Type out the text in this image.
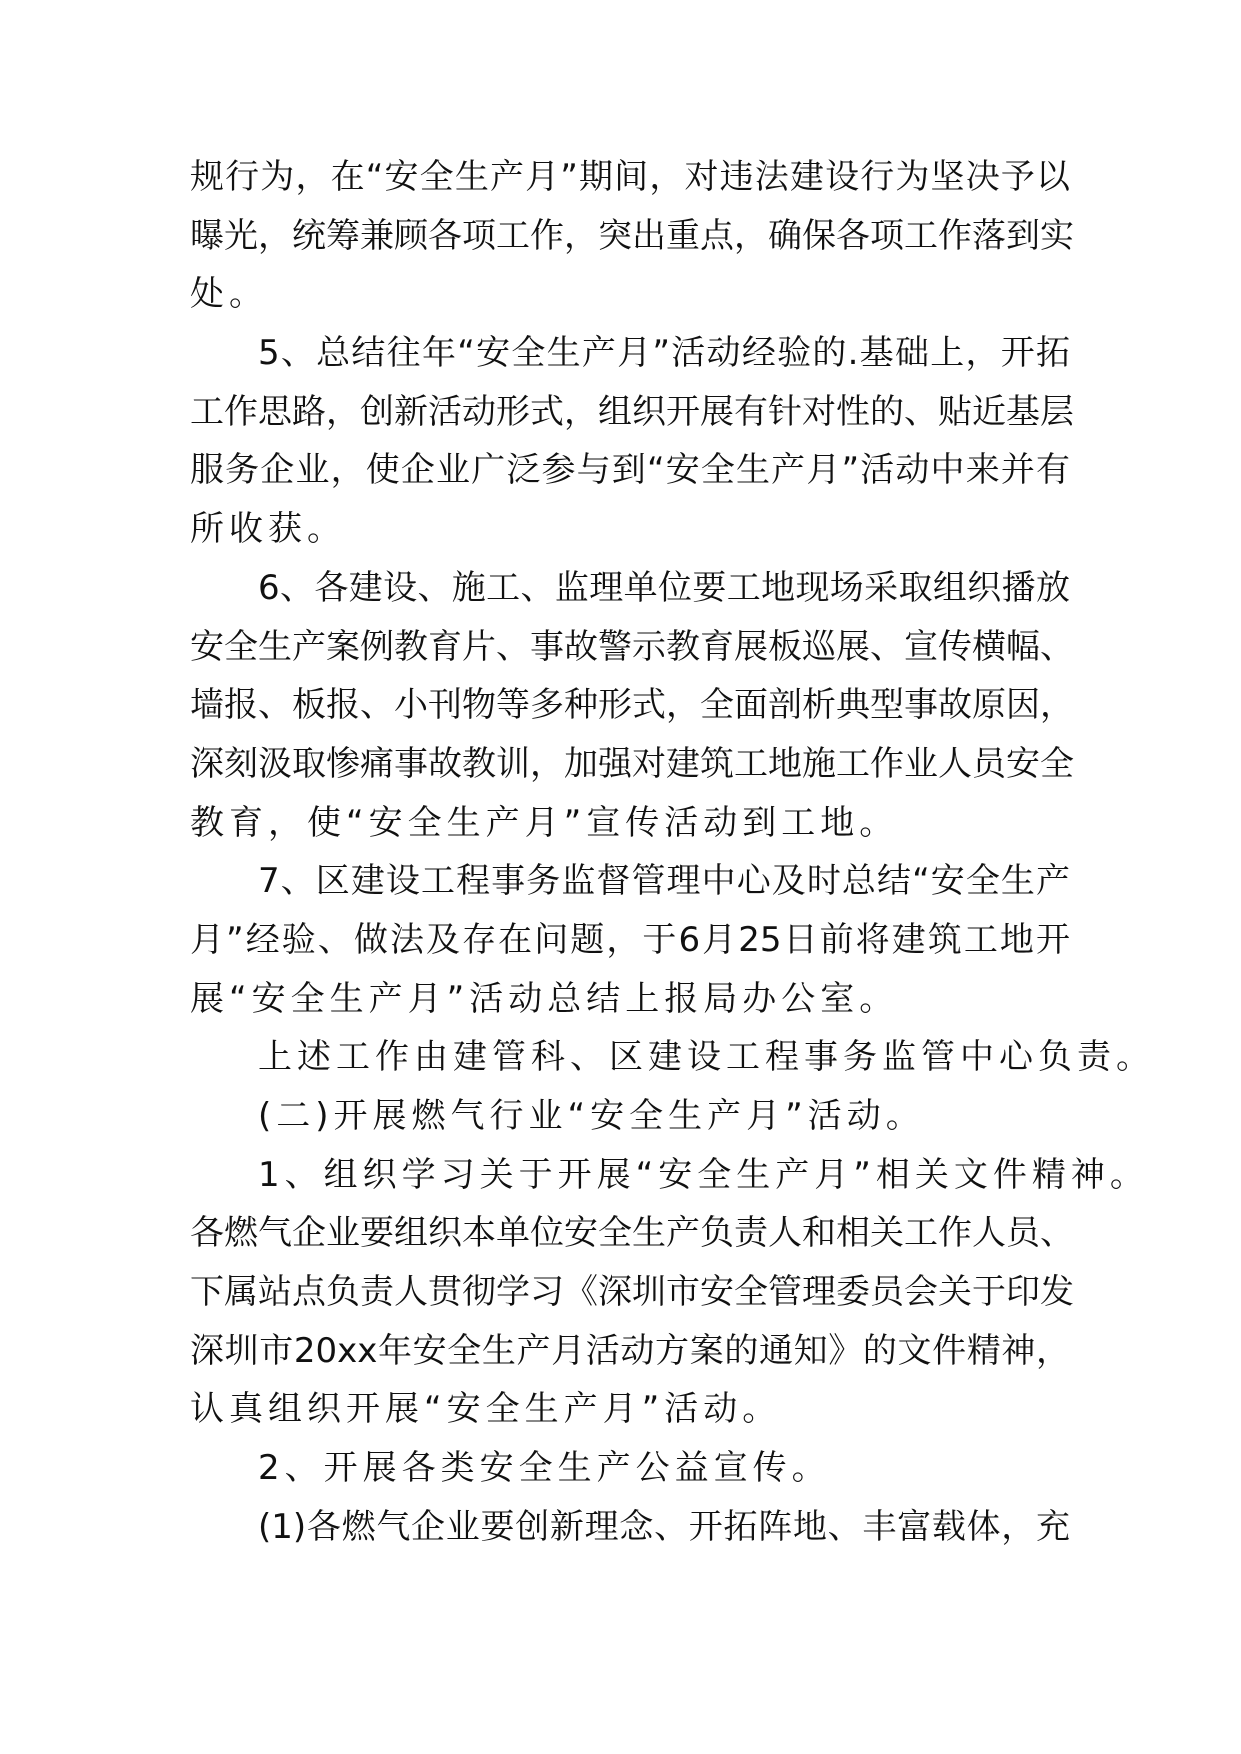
规行为，在“安全生产月”期间，对违法建设行为坚决予以
曝光，统筹兼顾各项工作，突出重点，确保各项工作落到实
处。
5、总结往年“安全生产月”活动经验的.基础上，开拓
工作思路，创新活动形式，组织开展有针对性的、贴近基层
服务企业，使企业广泛参与到“安全生产月”活动中来并有
所收获。
6、各建设、施工、监理单位要工地现场采取组织播放
安全生产案例教育片、事故警示教育展板巡展、宣传横幅、
墙报、板报、小刊物等多种形式，全面剖析典型事故原因，
深刻汲取惨痛事故教训，加强对建筑工地施工作业人员安全
教育，使“安全生产月”宣传活动到工地。
7、区建设工程事务监督管理中心及时总结“安全生产
月”经验、做法及存在问题，于6月25日前将建筑工地开
展“安全生产月”活动总结上报局办公室。
上述工作由建管科、区建设工程事务监管中心负责。
(二)开展燃气行业“安全生产月”活动。
1、组织学习关于开展“安全生产月”相关文件精神。
各燃气企业要组织本单位安全生产负责人和相关工作人员、
下属站点负责人贯彻学习《深圳市安全管理委员会关于印发
深圳市20xx年安全生产月活动方案的通知》的文件精神，
认真组织开展“安全生产月”活动。
2、开展各类安全生产公益宣传。
(1)各燃气企业要创新理念、开拓阵地、丰富载体，充
